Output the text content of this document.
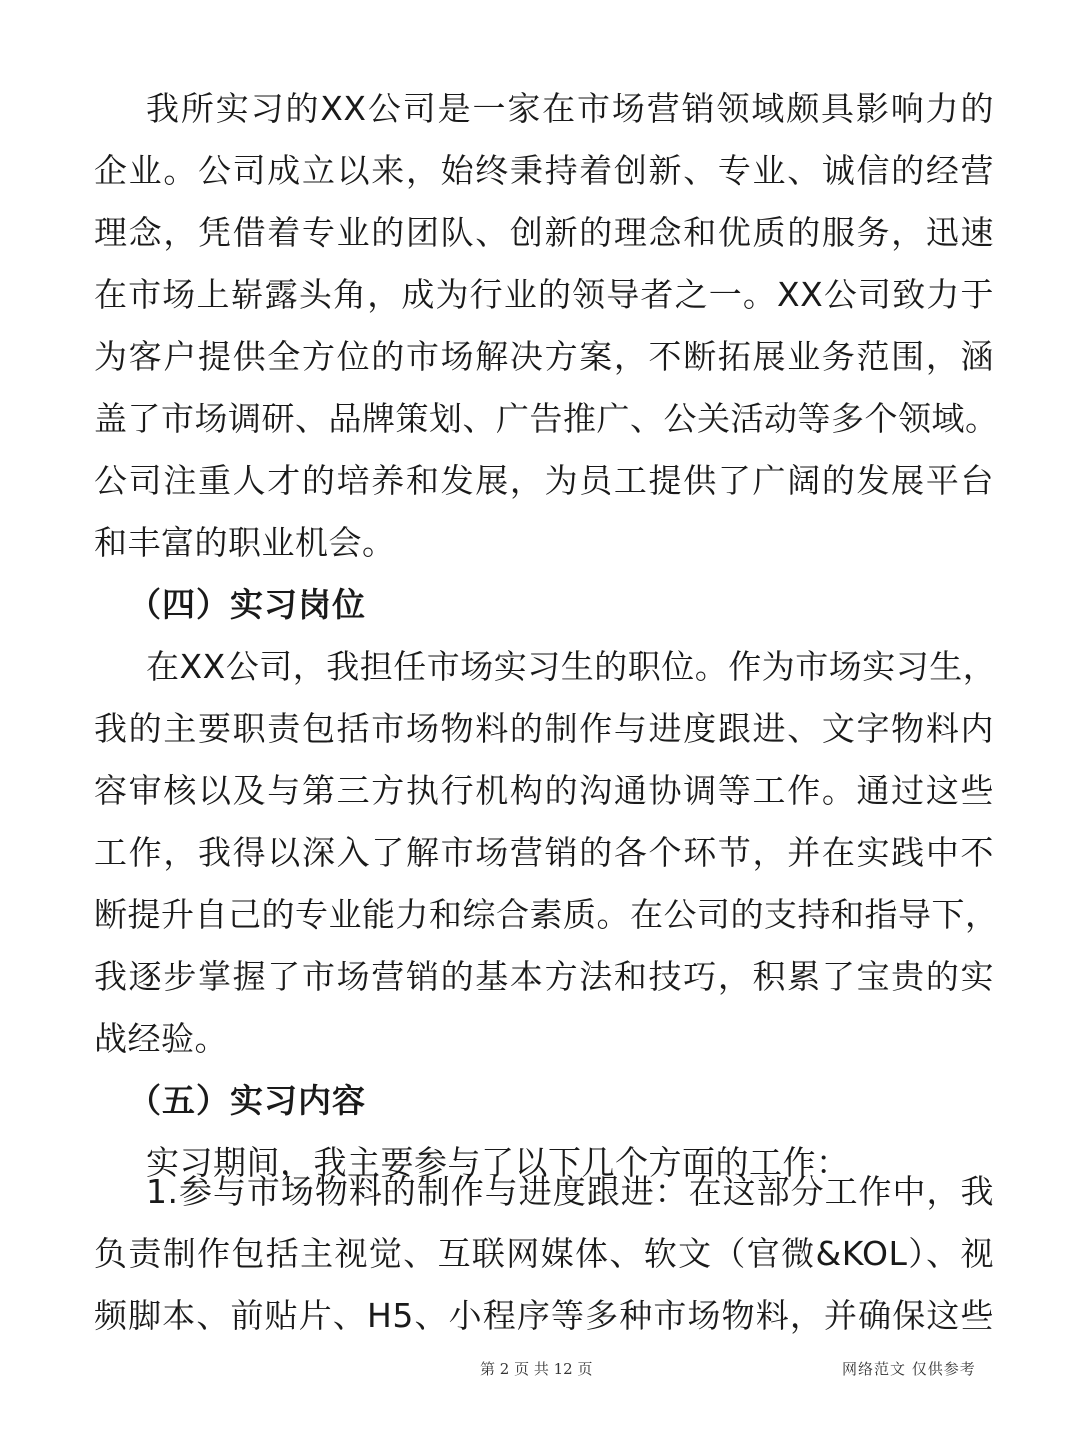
我所实习的XX公司是一家在市场营销领域颇具影响力的
企业。公司成立以来，始终秉持着创新、专业、诚信的经营
理念，凭借着专业的团队、创新的理念和优质的服务，迅速
在市场上崭露头角，成为行业的领导者之一。XX公司致力于
为客户提供全方位的市场解决方案，不断拓展业务范围，涵
盖了市场调研、品牌策划、广告推广、公关活动等多个领域。
公司注重人才的培养和发展，为员工提供了广阔的发展平台
和丰富的职业机会。
（四）实习岗位
在XX公司，我担任市场实习生的职位。作为市场实习生，
我的主要职责包括市场物料的制作与进度跟进、文字物料内
容审核以及与第三方执行机构的沟通协调等工作。通过这些
工作，我得以深入了解市场营销的各个环节，并在实践中不
断提升自己的专业能力和综合素质。在公司的支持和指导下，
我逐步掌握了市场营销的基本方法和技巧，积累了宝贵的实
战经验。
（五）实习内容
实习期间，我主要参与了以下几个方面的工作：
1.参与市场物料的制作与进度跟进：在这部分工作中，我
负责制作包括主视觉、互联网媒体、软文（官微&KOL）、视
第 2 页 共 12 页	网络范文 仅供参考
频脚本、前贴片、H5、小程序等多种市场物料，并确保这些
